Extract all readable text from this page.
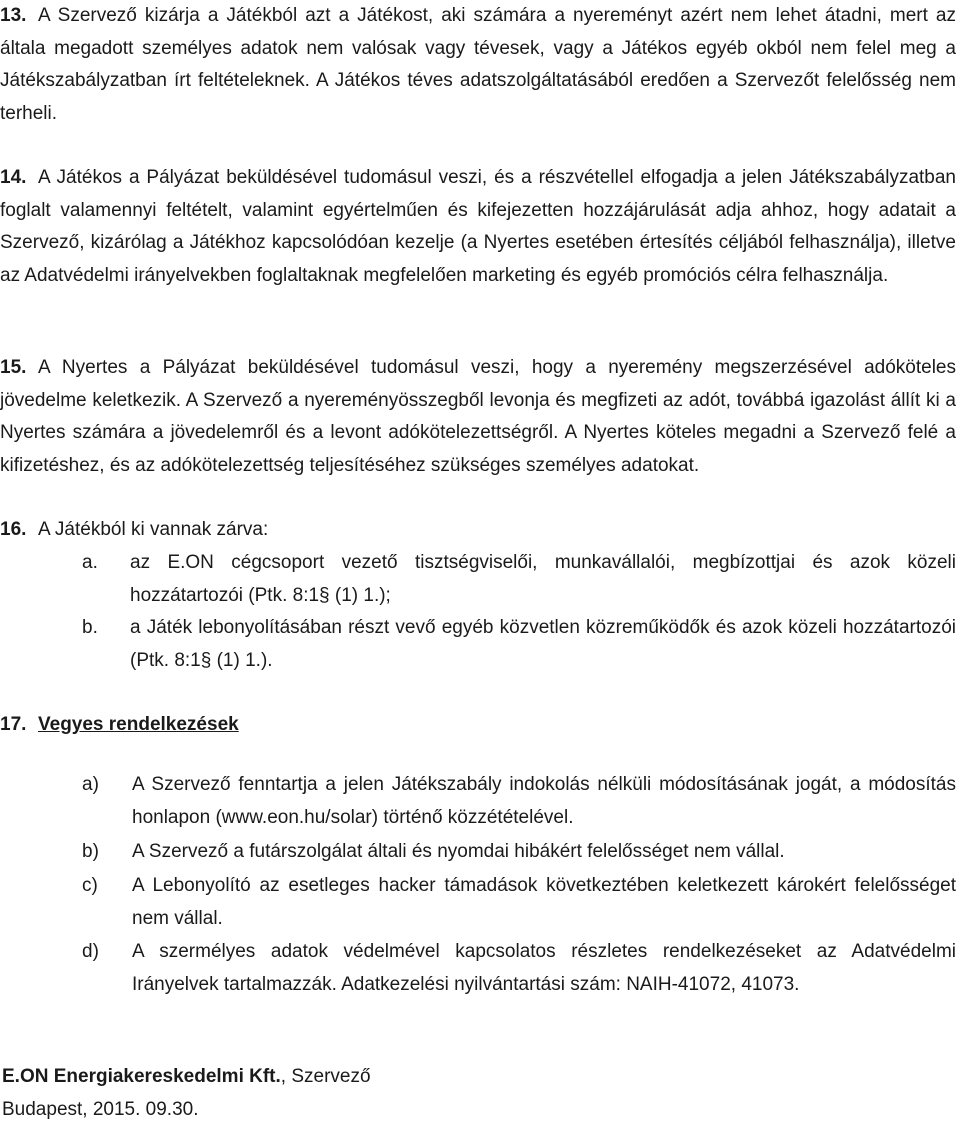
13. A Szervező kizárja a Játékból azt a Játékost, aki számára a nyereményt azért nem lehet átadni, mert az általa megadott személyes adatok nem valósak vagy tévesek, vagy a Játékos egyéb okból nem felel meg a Játékszabályzatban írt feltételeknek. A Játékos téves adatszolgáltatásából eredően a Szervezőt felelősség nem terheli.

14. A Játékos a Pályázat beküldésével tudomásul veszi, és a részvétellel elfogadja a jelen Játékszabályzatban foglalt valamennyi feltételt, valamint egyértelműen és kifejezetten hozzájárulását adja ahhoz, hogy adatait a Szervező, kizárólag a Játékhoz kapcsolódóan kezelje (a Nyertes esetében értesítés céljából felhasználja), illetve az Adatvédelmi irányelvekben foglaltaknak megfelelően marketing és egyéb promóciós célra felhasználja.

15. A Nyertes a Pályázat beküldésével tudomásul veszi, hogy a nyeremény megszerzésével adóköteles jövedelme keletkezik. A Szervező a nyereményösszegből levonja és megfizeti az adót, továbbá igazolást állít ki a Nyertes számára a jövedelemről és a levont adókötelezettségről. A Nyertes köteles megadni a Szervező felé a kifizetéshez, és az adókötelezettség teljesítéséhez szükséges személyes adatokat.

16. A Játékból ki vannak zárva:

a. az E.ON cégcsoport vezető tisztségviselői, munkavállalói, megbízottjai és azok közeli hozzátartozói (Ptk. 8:1§ (1) 1.);

b. a Játék lebonyolításában részt vevő egyéb közvetlen közreműködők és azok közeli hozzátartozói (Ptk. 8:1§ (1) 1.).

17. Vegyes rendelkezések

a) A Szervező fenntartja a jelen Játékszabály indokolás nélküli módosításának jogát, a módosítás honlapon (www.eon.hu/solar) történő közzétételével.

b) A Szervező a futárszolgálat általi és nyomdai hibákért felelősséget nem vállal.

c) A Lebonyolító az esetleges hacker támadások következtében keletkezett károkért felelősséget nem vállal.

d) A szermélyes adatok védelmével kapcsolatos részletes rendelkezéseket az Adatvédelmi Irányelvek tartalmazzák. Adatkezelési nyilvántartási szám: NAIH-41072, 41073.

E.ON Energiakereskedelmi Kft., Szervező

Budapest, 2015. 09.30.
